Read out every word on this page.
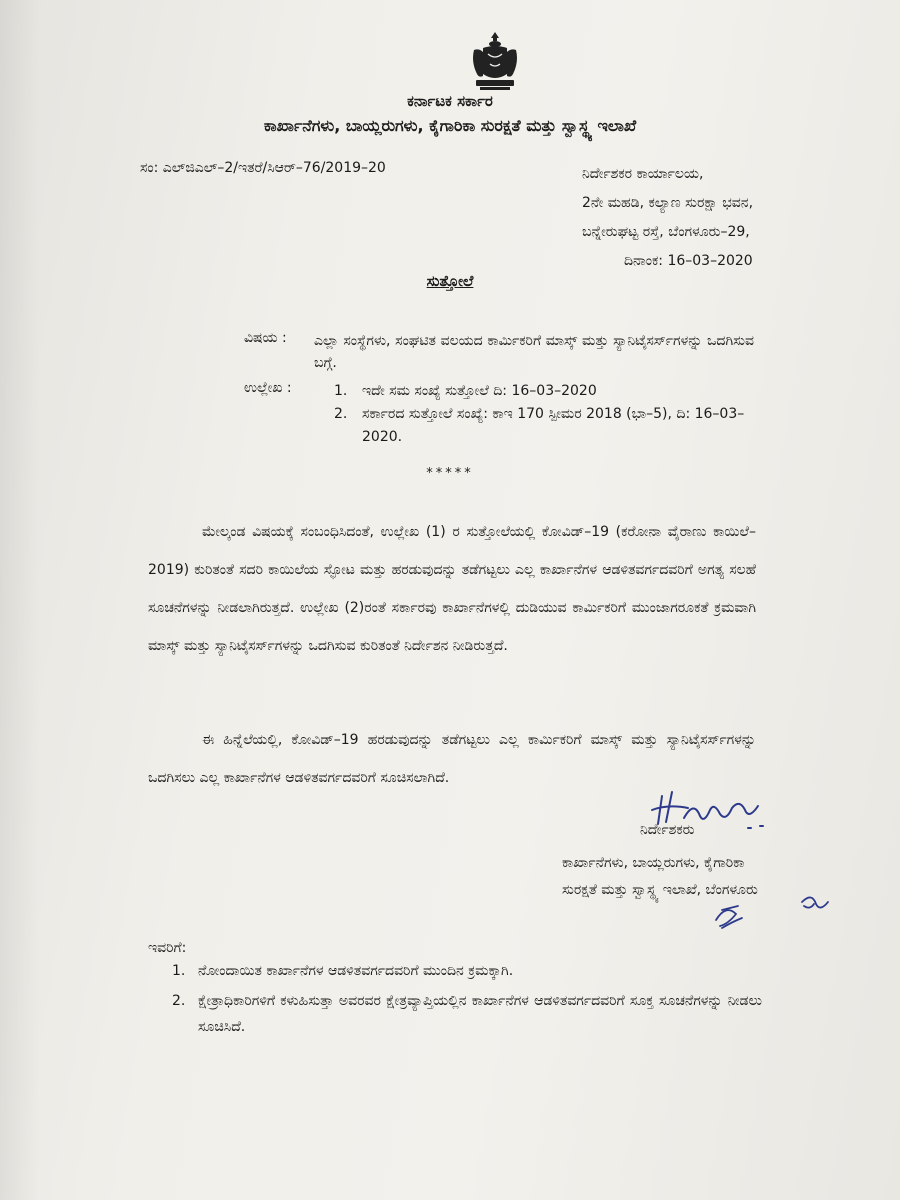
ಕರ್ನಾಟಕ ಸರ್ಕಾರ
ಕಾರ್ಖಾನೆಗಳು, ಬಾಯ್ಲರುಗಳು, ಕೈಗಾರಿಕಾ ಸುರಕ್ಷತೆ ಮತ್ತು ಸ್ವಾಸ್ಥ್ಯ ಇಲಾಖೆ
ಸಂ: ಎಲ್‌ಜಿಎಲ್–2/ಇತರೆ/ಸಿಆರ್–76/2019–20	ನಿರ್ದೇಶಕರ ಕಾರ್ಯಾಲಯ,
2ನೇ ಮಹಡಿ, ಕಲ್ಯಾಣ ಸುರಕ್ಷಾ ಭವನ,
ಬನ್ನೇರುಘಟ್ಟ ರಸ್ತೆ, ಬೆಂಗಳೂರು–29,
ದಿನಾಂಕ: 16–03–2020
ಸುತ್ತೋಲೆ
ವಿಷಯ : ಎಲ್ಲಾ ಸಂಸ್ಥೆಗಳು, ಸಂಘಟಿತ ವಲಯದ ಕಾರ್ಮಿಕರಿಗೆ ಮಾಸ್ಕ್ ಮತ್ತು ಸ್ಯಾನಿಟೈಸರ್ಸ್‌ಗಳನ್ನು ಒದಗಿಸುವ ಬಗ್ಗೆ.
ಉಲ್ಲೇಖ :	1. ಇದೇ ಸಮ ಸಂಖ್ಯೆ ಸುತ್ತೋಲೆ ದಿ: 16–03–2020
2. ಸರ್ಕಾರದ ಸುತ್ತೋಲೆ ಸಂಖ್ಯೆ: ಕಾಇ 170 ಸ್ಪೀಮರ 2018 (ಭಾ–5), ದಿ: 16–03–2020.
*****
ಮೇಲ್ಕಂಡ ವಿಷಯಕ್ಕೆ ಸಂಬಂಧಿಸಿದಂತೆ, ಉಲ್ಲೇಖ (1) ರ ಸುತ್ತೋಲೆಯಲ್ಲಿ ಕೋವಿಡ್–19 (ಕರೋನಾ ವೈರಾಣು ಕಾಯಿಲೆ–2019) ಕುರಿತಂತೆ ಸದರಿ ಕಾಯಿಲೆಯ ಸ್ಫೋಟ ಮತ್ತು ಹರಡುವುದನ್ನು ತಡೆಗಟ್ಟಲು ಎಲ್ಲ ಕಾರ್ಖಾನೆಗಳ ಆಡಳಿತವರ್ಗದವರಿಗೆ ಅಗತ್ಯ ಸಲಹೆ ಸೂಚನೆಗಳನ್ನು ನೀಡಲಾಗಿರುತ್ತದೆ. ಉಲ್ಲೇಖ (2)ರಂತೆ ಸರ್ಕಾರವು ಕಾರ್ಖಾನೆಗಳಲ್ಲಿ ದುಡಿಯುವ ಕಾರ್ಮಿಕರಿಗೆ ಮುಂಜಾಗರೂಕತೆ ಕ್ರಮವಾಗಿ ಮಾಸ್ಕ್ ಮತ್ತು ಸ್ಯಾನಿಟೈಸರ್ಸ್‌ಗಳನ್ನು ಒದಗಿಸುವ ಕುರಿತಂತೆ ನಿರ್ದೇಶನ ನೀಡಿರುತ್ತದೆ.
ಈ ಹಿನ್ನೆಲೆಯಲ್ಲಿ, ಕೋವಿಡ್–19 ಹರಡುವುದನ್ನು ತಡೆಗಟ್ಟಲು ಎಲ್ಲ ಕಾರ್ಮಿಕರಿಗೆ ಮಾಸ್ಕ್ ಮತ್ತು ಸ್ಯಾನಿಟೈಸರ್ಸ್‌ಗಳನ್ನು ಒದಗಿಸಲು ಎಲ್ಲ ಕಾರ್ಖಾನೆಗಳ ಆಡಳಿತವರ್ಗದವರಿಗೆ ಸೂಚಿಸಲಾಗಿದೆ.
ನಿರ್ದೇಶಕರು
ಕಾರ್ಖಾನೆಗಳು, ಬಾಯ್ಲರುಗಳು, ಕೈಗಾರಿಕಾ
ಸುರಕ್ಷತೆ ಮತ್ತು ಸ್ವಾಸ್ಥ್ಯ ಇಲಾಖೆ, ಬೆಂಗಳೂರು
ಇವರಿಗೆ:
1. ನೋಂದಾಯಿತ ಕಾರ್ಖಾನೆಗಳ ಆಡಳಿತವರ್ಗದವರಿಗೆ ಮುಂದಿನ ಕ್ರಮಕ್ಕಾಗಿ.
2. ಕ್ಷೇತ್ರಾಧಿಕಾರಿಗಳಿಗೆ ಕಳುಹಿಸುತ್ತಾ ಅವರವರ ಕ್ಷೇತ್ರವ್ಯಾಪ್ತಿಯಲ್ಲಿನ ಕಾರ್ಖಾನೆಗಳ ಆಡಳಿತವರ್ಗದವರಿಗೆ ಸೂಕ್ತ ಸೂಚನೆಗಳನ್ನು ನೀಡಲು ಸೂಚಿಸಿದೆ.
